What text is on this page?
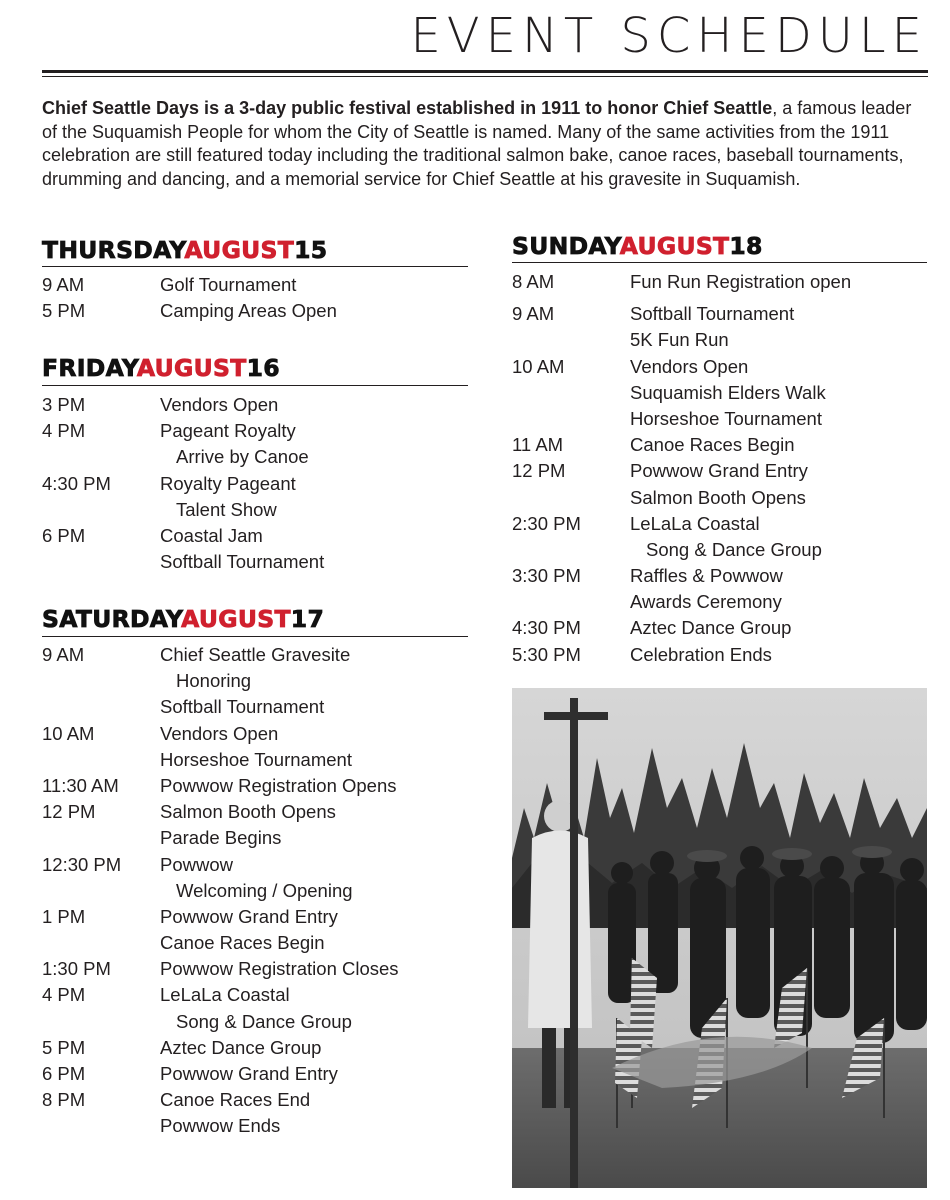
EVENT SCHEDULE
Chief Seattle Days is a 3-day public festival established in 1911 to honor Chief Seattle, a famous leader of the Suquamish People for whom the City of Seattle is named. Many of the same activities from the 1911 celebration are still featured today including the traditional salmon bake, canoe races, baseball tournaments, drumming and dancing, and a memorial service for Chief Seattle at his gravesite in Suquamish.
THURSDAYAUGUST15
9 AM	Golf Tournament
5 PM	Camping Areas Open
FRIDAYAUGUST16
3 PM	Vendors Open
4 PM	Pageant Royalty
Arrive by Canoe
4:30 PM	Royalty Pageant
Talent Show
6 PM	Coastal Jam
Softball Tournament
SATURDAYAUGUST17
9 AM	Chief Seattle Gravesite
Honoring
Softball Tournament
10 AM	Vendors Open
Horseshoe Tournament
11:30 AM	Powwow Registration Opens
12 PM	Salmon Booth Opens
Parade Begins
12:30 PM	Powwow
Welcoming / Opening
1 PM	Powwow Grand Entry
Canoe Races Begin
1:30 PM	Powwow Registration Closes
4 PM	LeLaLa Coastal
Song & Dance Group
5 PM	Aztec Dance Group
6 PM	Powwow Grand Entry
8 PM	Canoe Races End
Powwow Ends
SUNDAYAUGUST18
8 AM	Fun Run Registration open
9 AM	Softball Tournament
5K Fun Run
10 AM	Vendors Open
Suquamish Elders Walk
Horseshoe Tournament
11 AM	Canoe Races Begin
12 PM	Powwow Grand Entry
Salmon Booth Opens
2:30 PM	LeLaLa Coastal
Song & Dance Group
3:30 PM	Raffles & Powwow
Awards Ceremony
4:30 PM	Aztec Dance Group
5:30 PM	Celebration Ends
